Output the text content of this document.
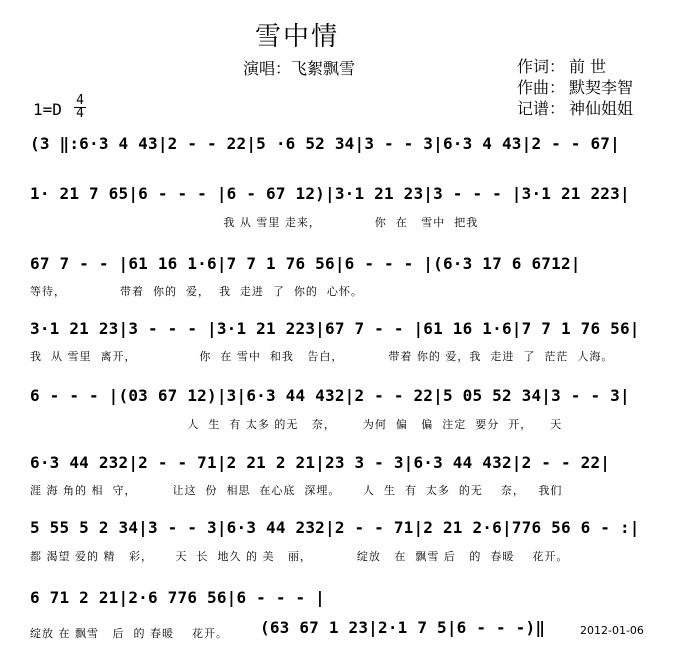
雪中情
演唱：飞絮飘雪	作词： 前 世
作曲： 默契李智
记谱： 神仙姐姐
1=D 4
4
(3 ‖:6·3 4 43|2 - - 22|5 ·6 52 34|3 - - 3|6·3 4 43|2 - - 67|
1· 21 7 65|6 - - - |6 - 67 12)|3·1 21 23|3 - - - |3·1 21 223|
我 从 雪里 走来，            你  在   雪中  把我
67 7 - - |61 16 1·6|7 7 1 76 56|6 - - - |(6·3 17 6 6712|
等待，            带着  你的  爱，  我  走进  了  你的  心怀。
3·1 21 23|3 - - - |3·1 21 223|67 7 - - |61 16 1·6|7 7 1 76 56|
我  从 雪里  离开，              你  在 雪中  和我   告白，          带着 你的 爱，我  走进  了  茫茫  人海。
6 - - - |(03 67 12)|3|6·3 44 432|2 - - 22|5 05 52 34|3 - - 3|
人  生  有 太多 的无   奈，      为何  偏   偏  注定  要分  开，    天
6·3 44 232|2 - - 71|2 21 2 21|23 3 - 3|6·3 44 432|2 - - 22|
涯 海 角的 相  守，        让这  份  相思  在心底  深埋。     人  生  有  太多  的无    奈，   我们
5 55 5 2 34|3 - - 3|6·3 44 232|2 - - 71|2 21 2·6|776 56 6 - :|
都 渴望 爱的 精   彩，     天  长  地久 的 美   丽，          绽放   在  飘雪 后   的  春暖    花开。
6 71 2 21|2·6 776 56|6 - - - |
绽放 在 飘雪   后  的 春暖    花开。	(63 67 1 23|2·1 7 5|6 - - -)‖	2012-01-06
